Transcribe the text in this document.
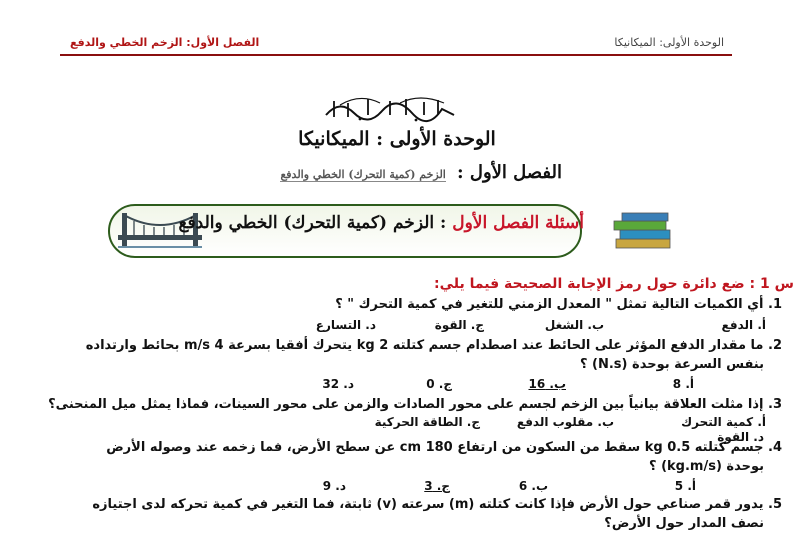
الوحدة الأولى: الميكانيكا
الفصل الأول: الزخم الخطي والدفع
الوحدة الأولى : الميكانيكا
الفصل الأول : الزخم (كمية التحرك) الخطي والدفع
أسئلة الفصل الأول : الزخم (كمية التحرك) الخطي والدفع
س 1 : ضع دائرة حول رمز الإجابة الصحيحة فيما يلي:
1. أي الكميات التالية تمثل " المعدل الزمني للتغير في كمية التحرك " ؟
أ. الدفع
ب. الشغل
ج. القوة
د. التسارع
2. ما مقدار الدفع المؤثر على الحائط عند اصطدام جسم كتلته 2 kg يتحرك أفقيا بسرعة 4 m/s بحائط وارتداده
بنفس السرعة بوحدة (N.s) ؟
أ. 8
ب. 16
ج. 0
د. 32
3. إذا مثلت العلاقة بيانياً بين الزخم لجسم على محور الصادات والزمن على محور السينات، فماذا يمثل ميل المنحنى؟
أ. كمية التحرك
ب. مقلوب الدفع
ج. الطاقة الحركية
د. القوة
4. جسم كتلته 0.5 kg سقط من السكون من ارتفاع 180 cm عن سطح الأرض، فما زخمه عند وصوله الأرض
بوحدة (kg.m/s) ؟
أ. 5
ب. 6
ج. 3
د. 9
5. يدور قمر صناعي حول الأرض فإذا كانت كتلته (m) سرعته (v) ثابتة، فما التغير في كمية تحركه لدى اجتيازه
نصف المدار حول الأرض؟
